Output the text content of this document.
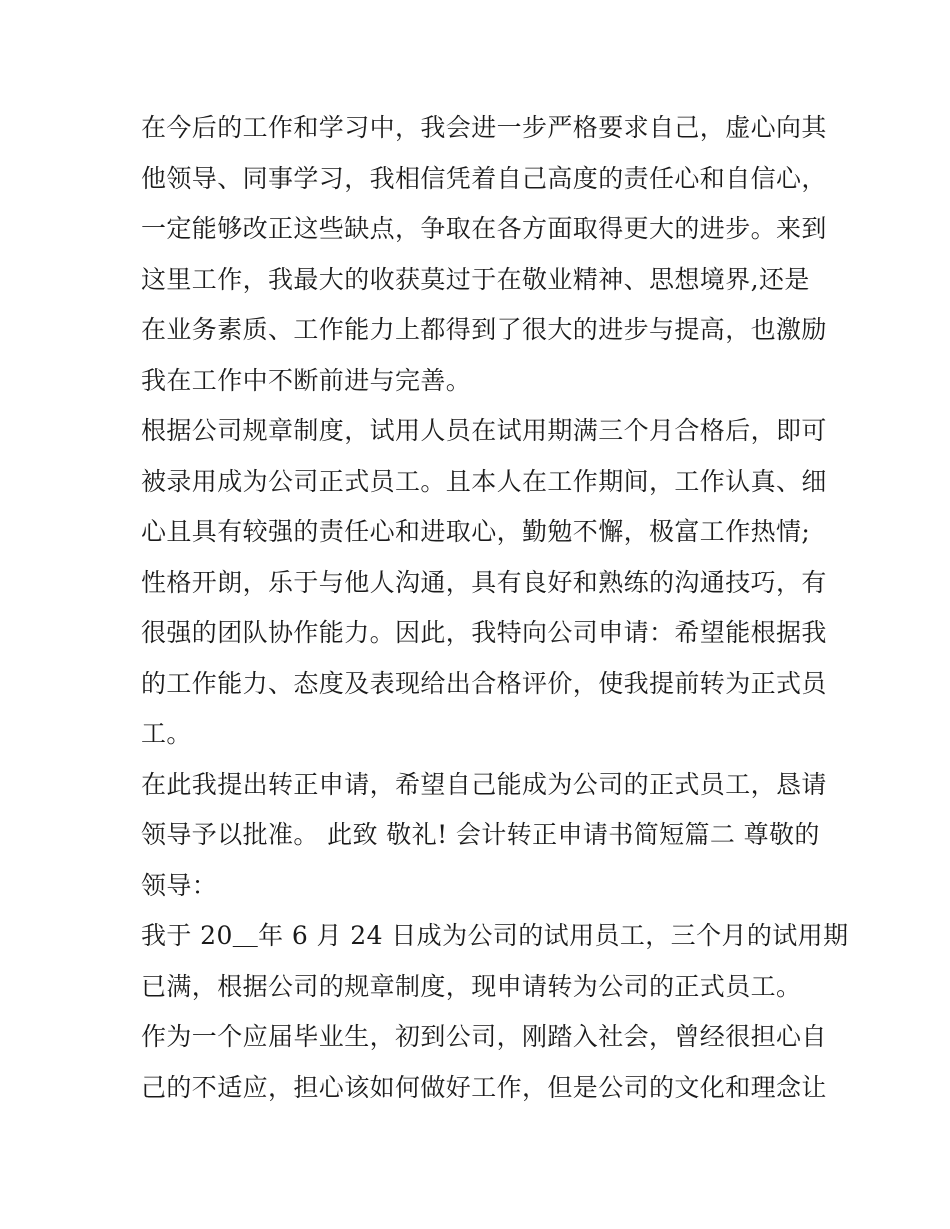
在今后的工作和学习中，我会进一步严格要求自己，虚心向其
他领导、同事学习，我相信凭着自己高度的责任心和自信心，
一定能够改正这些缺点，争取在各方面取得更大的进步。来到
这里工作，我最大的收获莫过于在敬业精神、思想境界,还是
在业务素质、工作能力上都得到了很大的进步与提高，也激励
我在工作中不断前进与完善。
根据公司规章制度，试用人员在试用期满三个月合格后，即可
被录用成为公司正式员工。且本人在工作期间，工作认真、细
心且具有较强的责任心和进取心，勤勉不懈，极富工作热情;
性格开朗，乐于与他人沟通，具有良好和熟练的沟通技巧，有
很强的团队协作能力。因此，我特向公司申请：希望能根据我
的工作能力、态度及表现给出合格评价，使我提前转为正式员
工。
在此我提出转正申请，希望自己能成为公司的正式员工，恳请
领导予以批准。 此致 敬礼! 会计转正申请书简短篇二 尊敬的
领导：
我于 20＿年 6 月 24 日成为公司的试用员工，三个月的试用期
已满，根据公司的规章制度，现申请转为公司的正式员工。
作为一个应届毕业生，初到公司，刚踏入社会，曾经很担心自
己的不适应，担心该如何做好工作，但是公司的文化和理念让
